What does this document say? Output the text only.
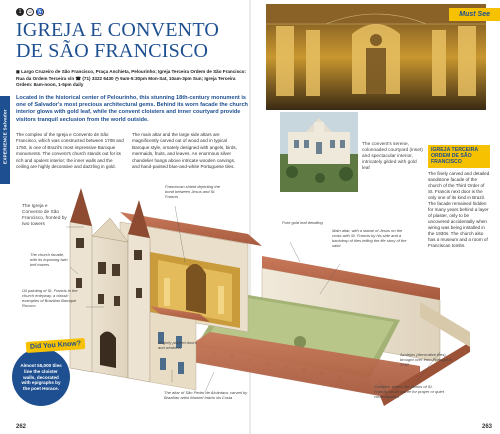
EXPERIENCE Salvador
1	☺ ♿
IGREJA E CONVENTO DE SÃO FRANCISCO
◼ Largo Cruzeiro de São Francisco, Praça Anchieta, Pelourinho; Igreja Terceira Ordem de São Francisco: Rua da Ordem Terceira s/n ☎ (71) 3322 6430 ◷ 9am-5:30pm Mon-Sat, 10am-3pm Sun; Igreja Terceira Ordem: 8am-noon, 1-5pm daily

Located in the historical center of Pelourinho, this stunning 18th-century monument is one of Salvador's most precious architectural gems. Behind its worn facade the church interior glows with gold leaf, while the convent cloisters and inner courtyard provide visitors tranquil seclusion from the world outside.

The complex of the Igreja e Convento de São Francisco, which was constructed between 1708 and 1750, is one of Brazil's most impressive Baroque monuments. The convent's church stands out for its rich and opulent interior; the inner walls and the ceiling are highly decorative and dazzling in gold.

The main altar and the large side altars are magnificently carved out of wood and in typical Baroque style, ornately designed with angels, birds, mermaids, fruits, and leaves. An enormous silver chandelier hangs above intricate wooden carvings, and hand-painted blue-and-white Portuguese tiles.

262
Must See

The convent's serene, colonnaded courtyard (inset) and spectacular interior, intricately gilded with gold leaf

IGREJA TERCEIRA ORDEM DE SÃO FRANCISCO

The finely carved and detailed sandstone facade of the church of the Third Order of St. Francis next door is the only one of its kind in Brazil. The facade remained hidden for many years behind a layer of plaster, only to be uncovered accidentally when wiring was being installed in the 1930s. The church also has a museum and a room of Franciscan tombs.

263

The Igreja e Convento de São Francisco, fronted by two towers

The church facade, with its imposing twin bell towers

Oil painting of St. Francis in the church entryway, a classic examples of Brazilian Baroque Rococo

Franciscan shield depicting the bond between Jesus and St. Francis

Brightly painted doors and windows

The altar of São Pedro de Alcântara, carved by Brazilian artist Manoel Inácio da Costa

Pure gold leaf detailing

Main altar, with a statue of Jesus on the cross with St. Francis by his side and a backdrop of tiles telling the life story of the saint

Azulejos (decorative tiles), brought over from Portugal in 1743

Cloisters, where the monks of St. Francis would gather for prayer or quiet contemplation

Almost 55,000 tiles line the cloister walls, decorated with epigraphs by the poet Horace.

Did You Know?
